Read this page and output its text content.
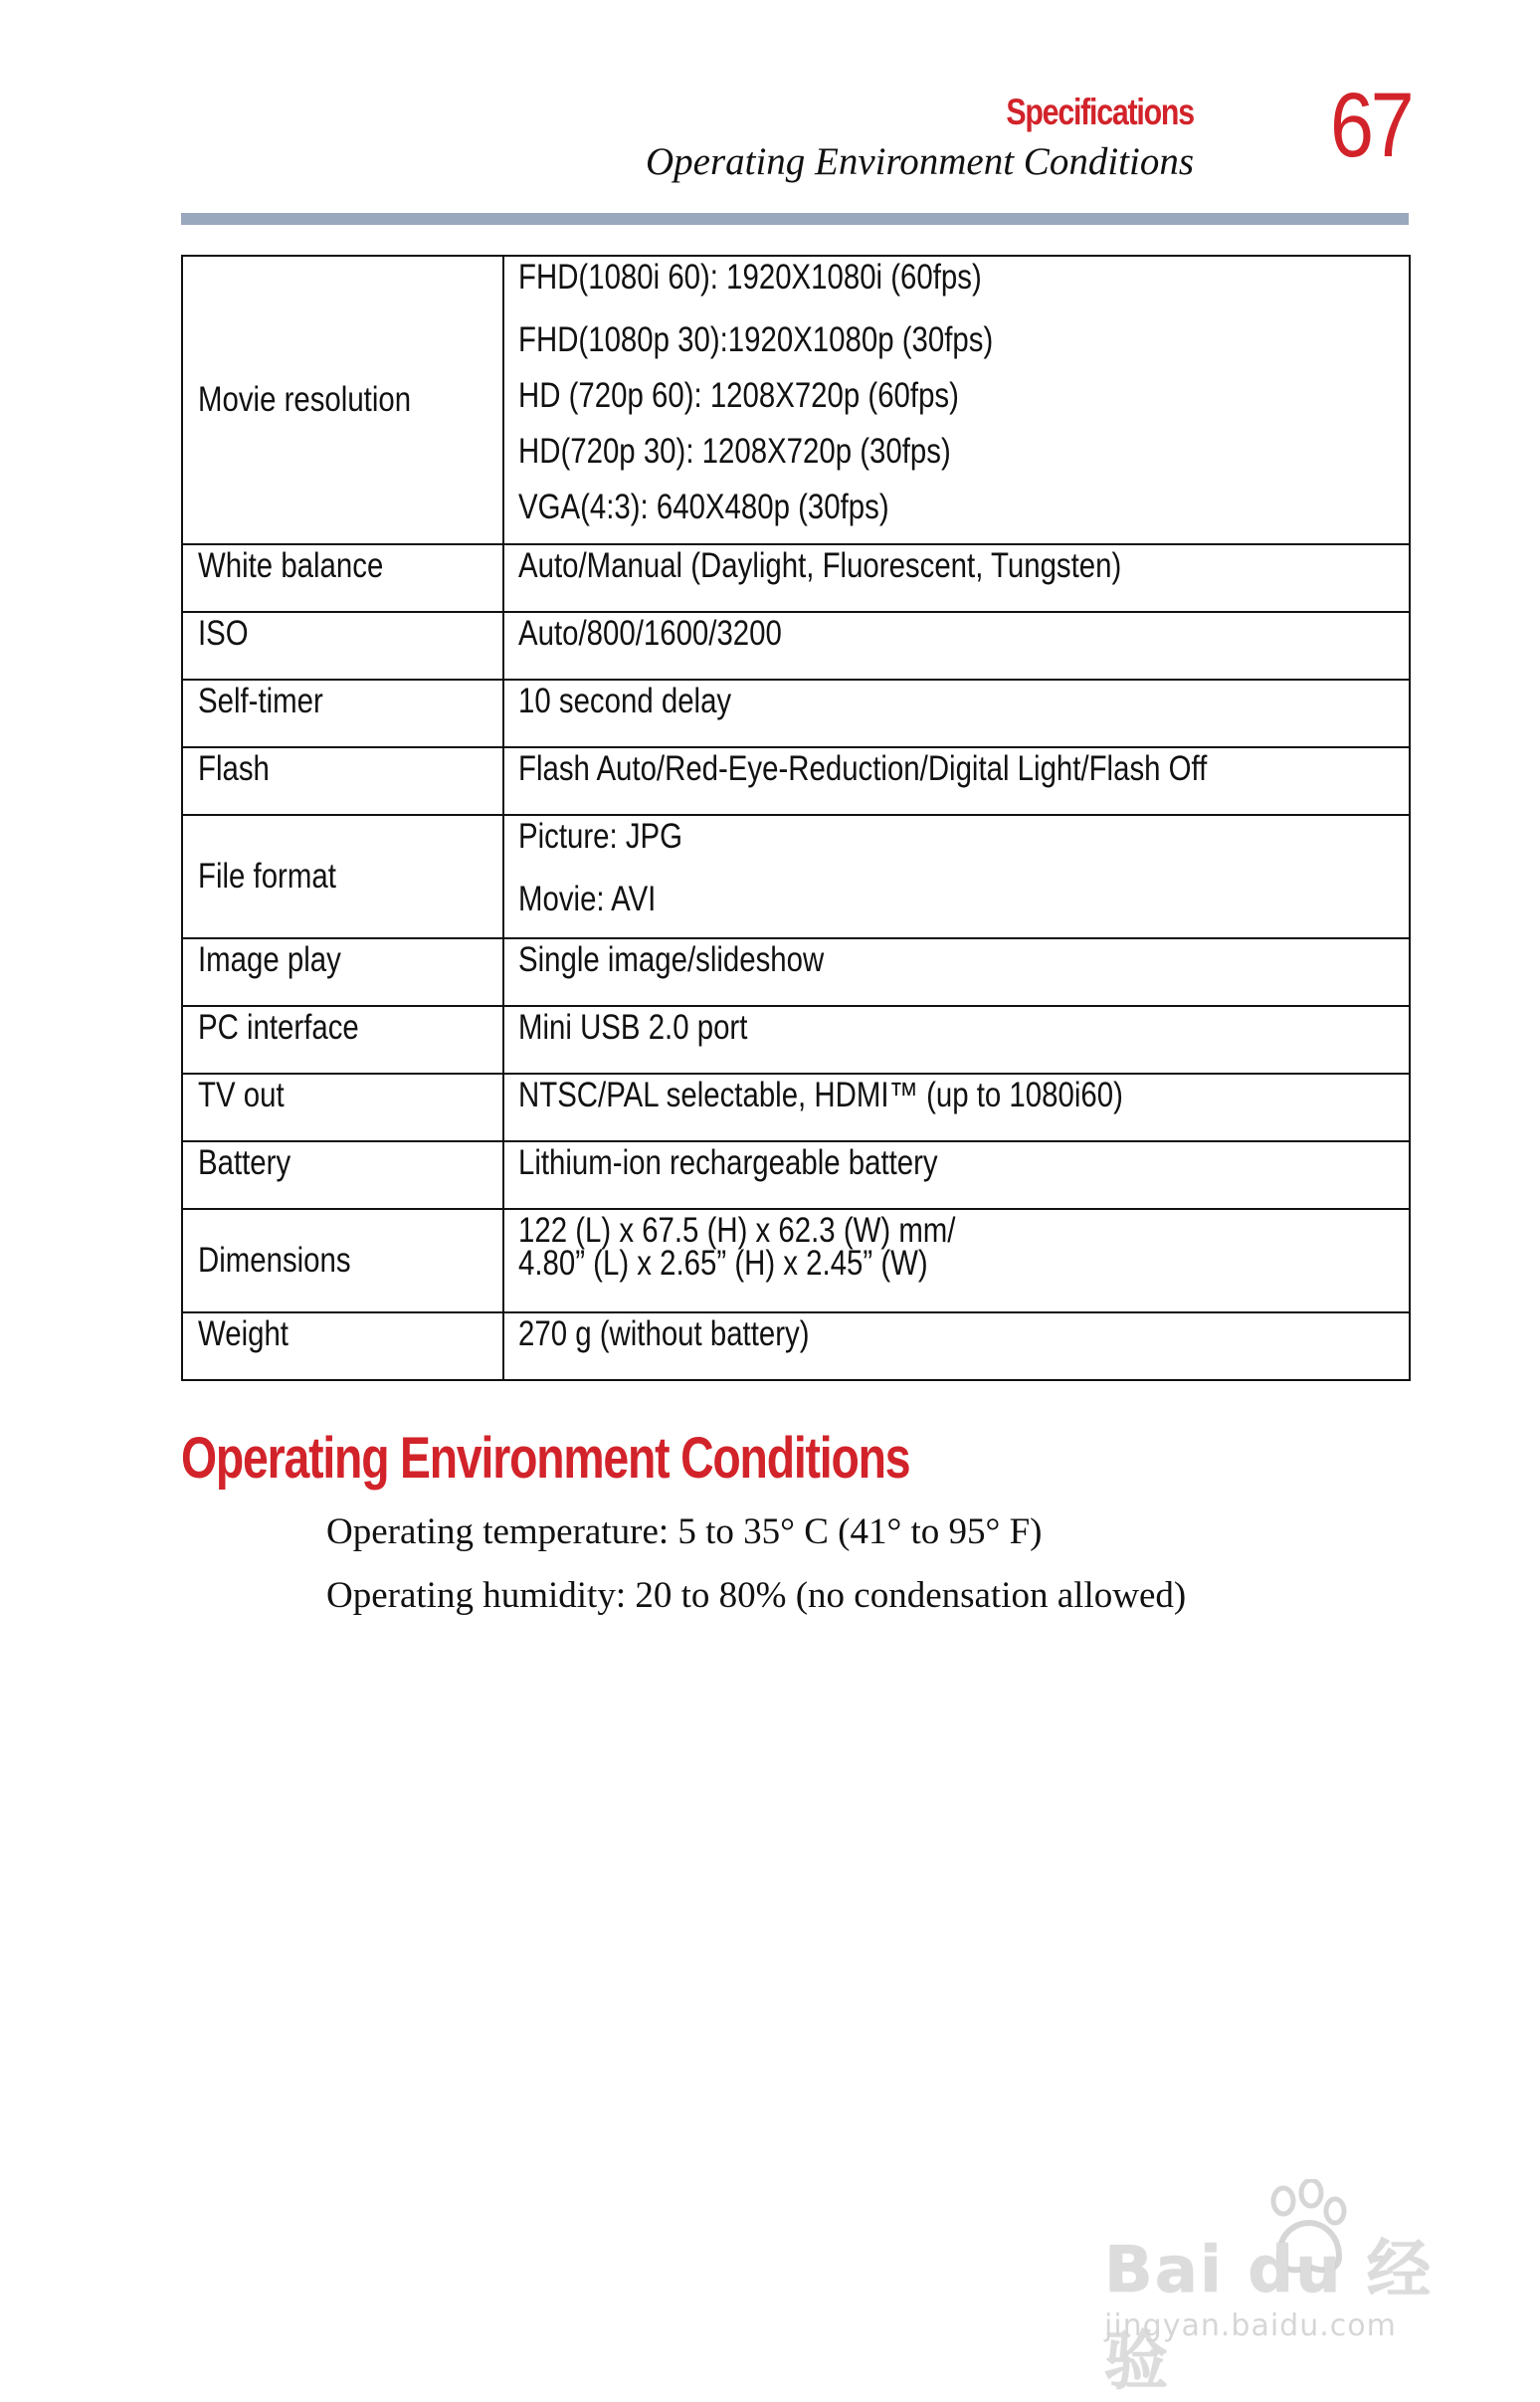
Specifications
Operating Environment Conditions 67
Movie resolution	FHD(1080i 60): 1920X1080i (60fps)
FHD(1080p 30):1920X1080p (30fps)
HD (720p 60): 1208X720p (60fps)
HD(720p 30): 1208X720p (30fps)
VGA(4:3): 640X480p (30fps)

White balance	Auto/Manual (Daylight, Fluorescent, Tungsten)
ISO	Auto/800/1600/3200
Self-timer	10 second delay
Flash	Flash Auto/Red-Eye-Reduction/Digital Light/Flash Off
File format	Picture: JPG
Movie: AVI

Image play	Single image/slideshow
PC interface	Mini USB 2.0 port
TV out	NTSC/PAL selectable, HDMI™ (up to 1080i60)
Battery	Lithium-ion rechargeable battery
Dimensions	122 (L) x 67.5 (H) x 62.3 (W) mm/
4.80” (L) x 2.65” (H) x 2.45” (W)

Weight	270 g (without battery)
Operating Environment Conditions
Operating temperature: 5 to 35° C (41° to 95° F)
Operating humidity: 20 to 80% (no condensation allowed)
Bai du 经验
jingyan.baidu.com
